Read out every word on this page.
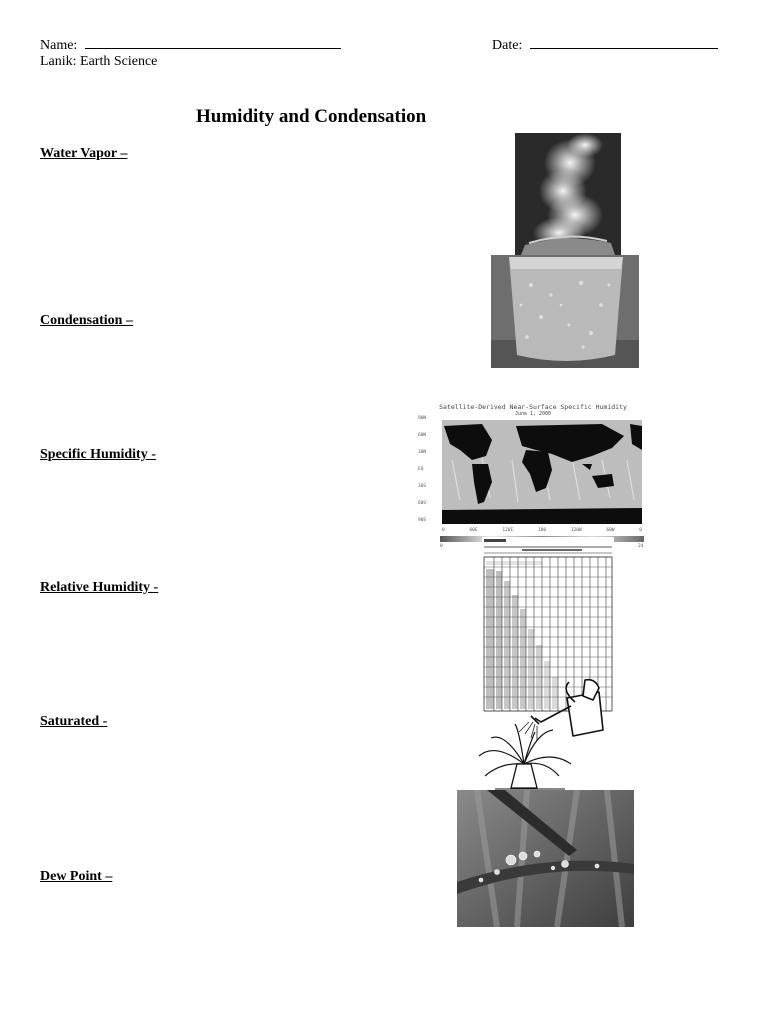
Name:	Date:
Lanik: Earth Science
Humidity and Condensation
Water Vapor –
Condensation –
Specific Humidity -
Relative Humidity -
Saturated -
Dew Point –
Satellite-Derived Near-Surface Specific Humidity
June 1, 2000
90N
60N
30N
EQ
30S
60S
90S
0	60E	120E	180	120W	60W	0
0	24
